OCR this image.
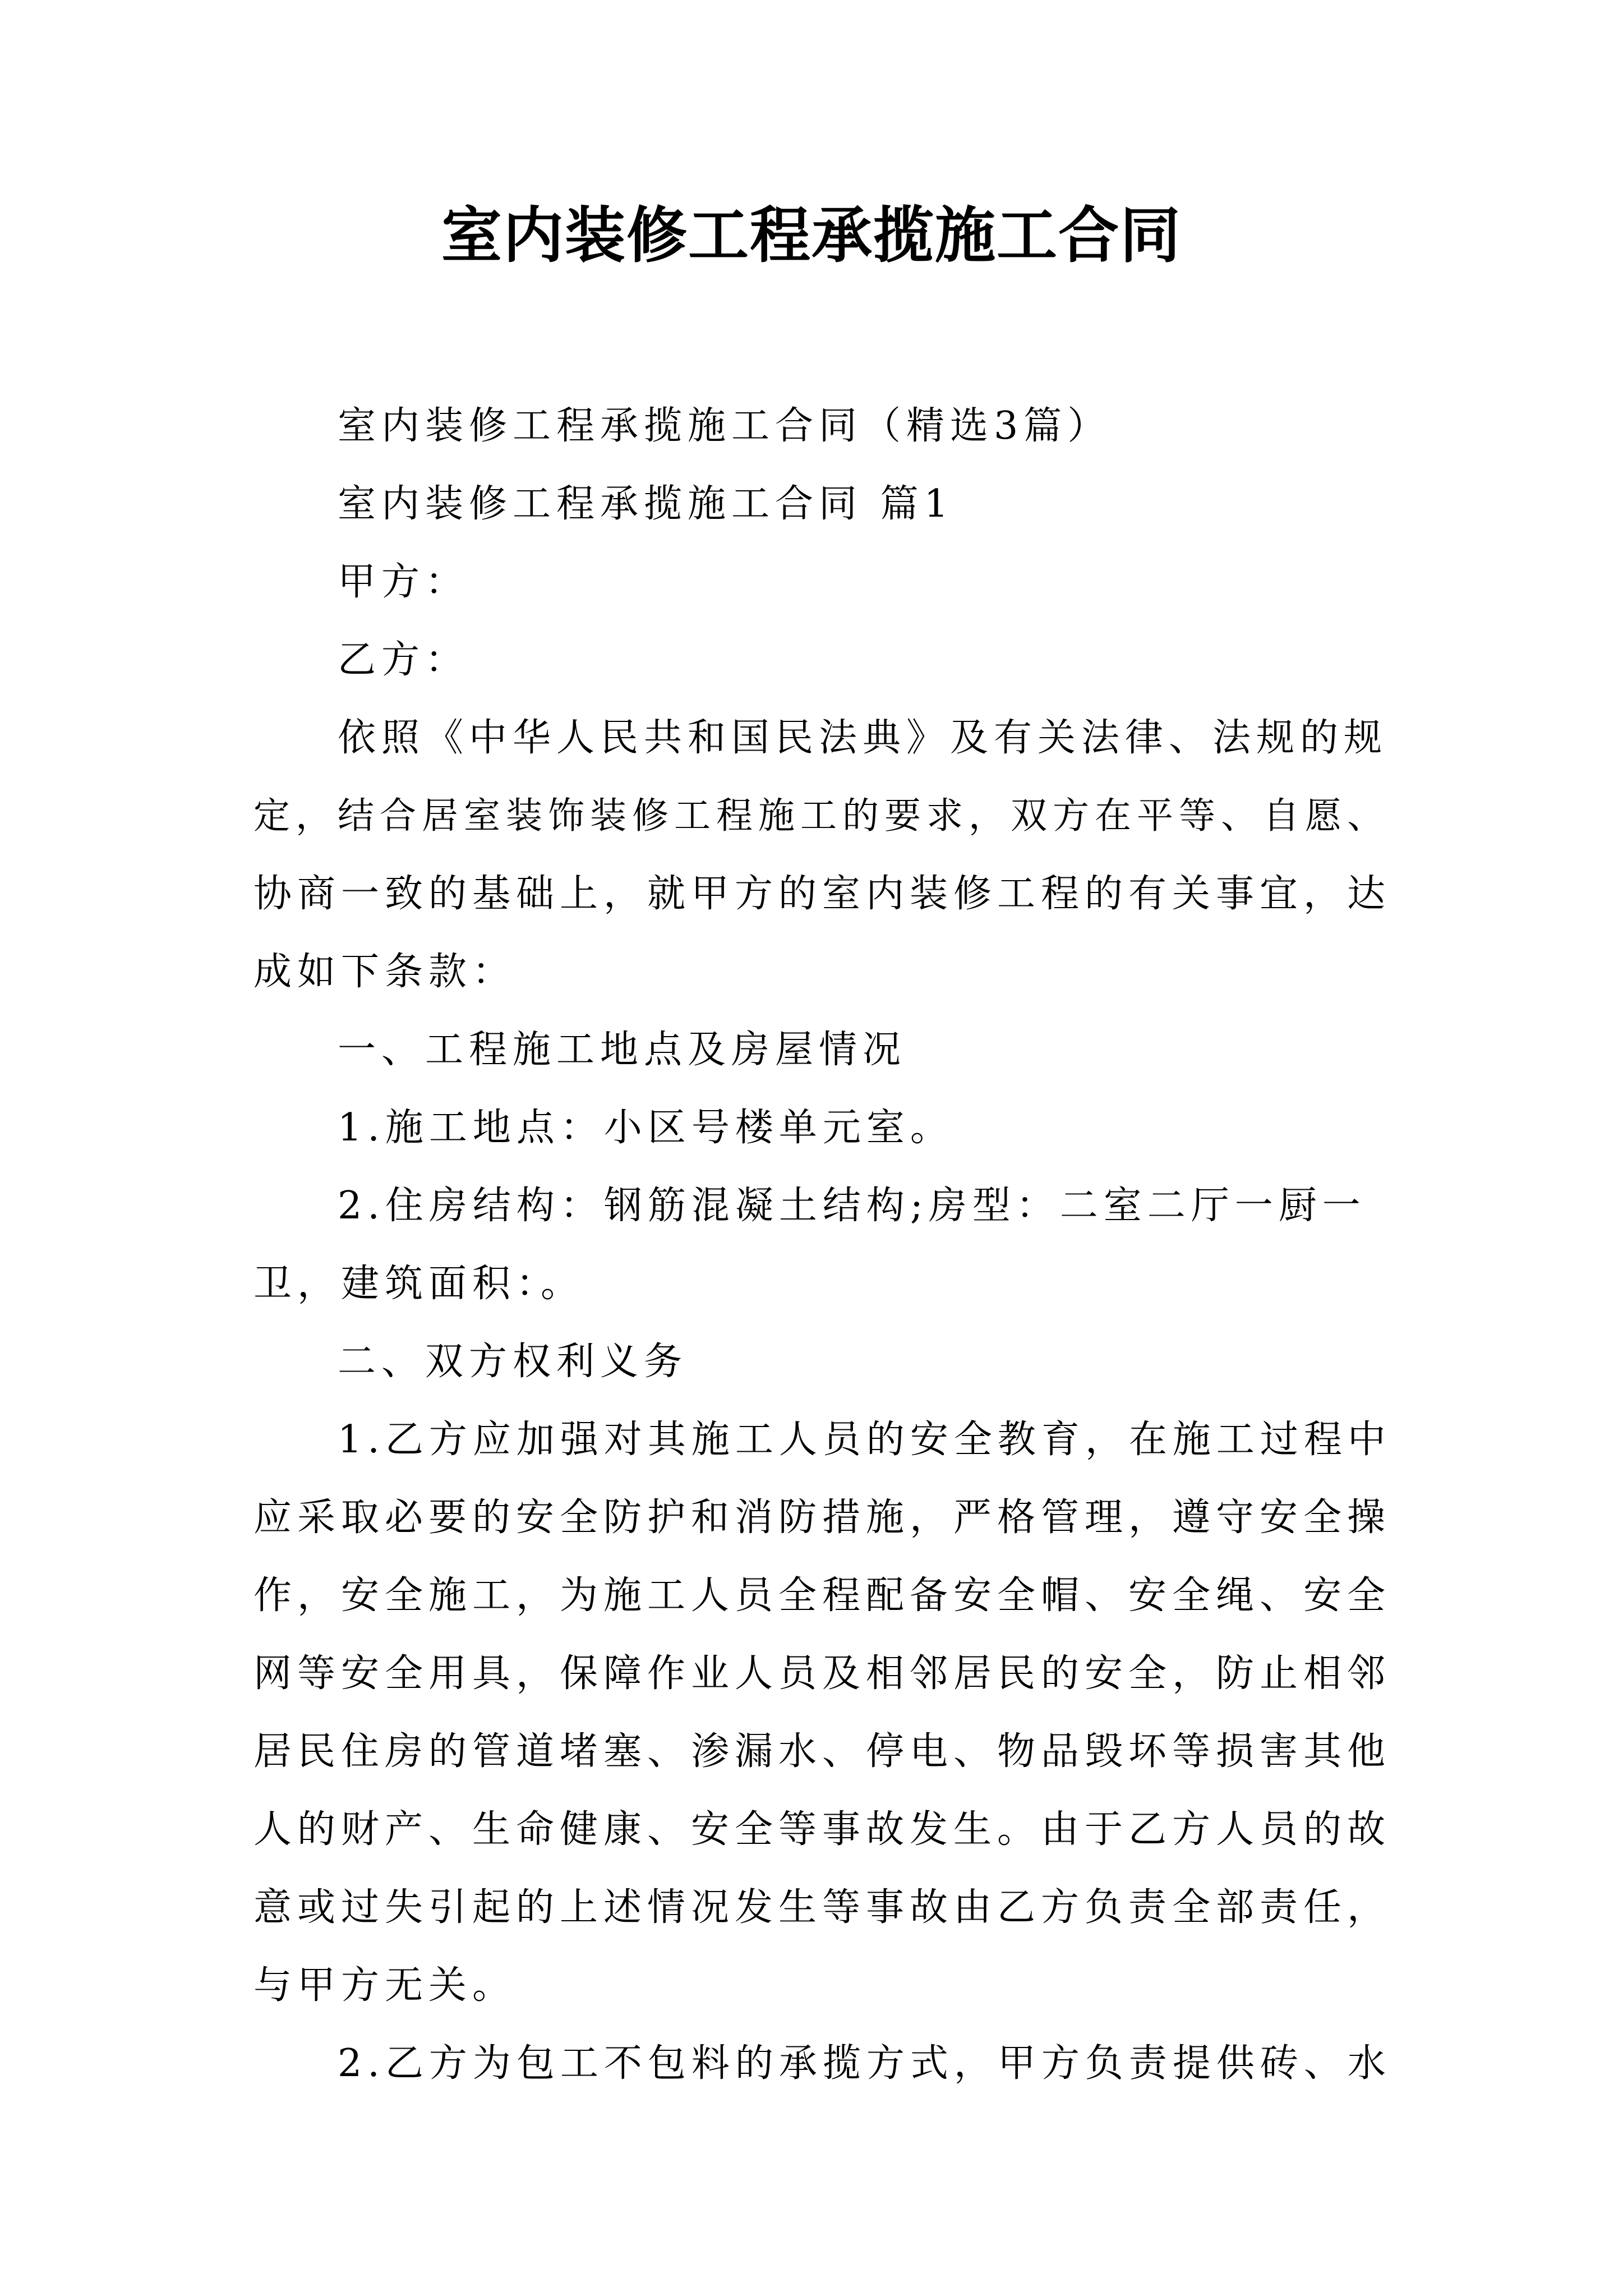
室内装修工程承揽施工合同

室内装修工程承揽施工合同（精选3篇）

室内装修工程承揽施工合同 篇1

甲方：

乙方：

依照《中华人民共和国民法典》及有关法律、法规的规

定，结合居室装饰装修工程施工的要求，双方在平等、自愿、

协商一致的基础上，就甲方的室内装修工程的有关事宜，达

成如下条款：

一、工程施工地点及房屋情况

1.施工地点：小区号楼单元室。

2.住房结构：钢筋混凝土结构;房型：二室二厅一厨一

卫，建筑面积：。

二、双方权利义务

1.乙方应加强对其施工人员的安全教育，在施工过程中

应采取必要的安全防护和消防措施，严格管理，遵守安全操

作，安全施工，为施工人员全程配备安全帽、安全绳、安全

网等安全用具，保障作业人员及相邻居民的安全，防止相邻

居民住房的管道堵塞、渗漏水、停电、物品毁坏等损害其他

人的财产、生命健康、安全等事故发生。由于乙方人员的故

意或过失引起的上述情况发生等事故由乙方负责全部责任，

与甲方无关。

2.乙方为包工不包料的承揽方式，甲方负责提供砖、水
